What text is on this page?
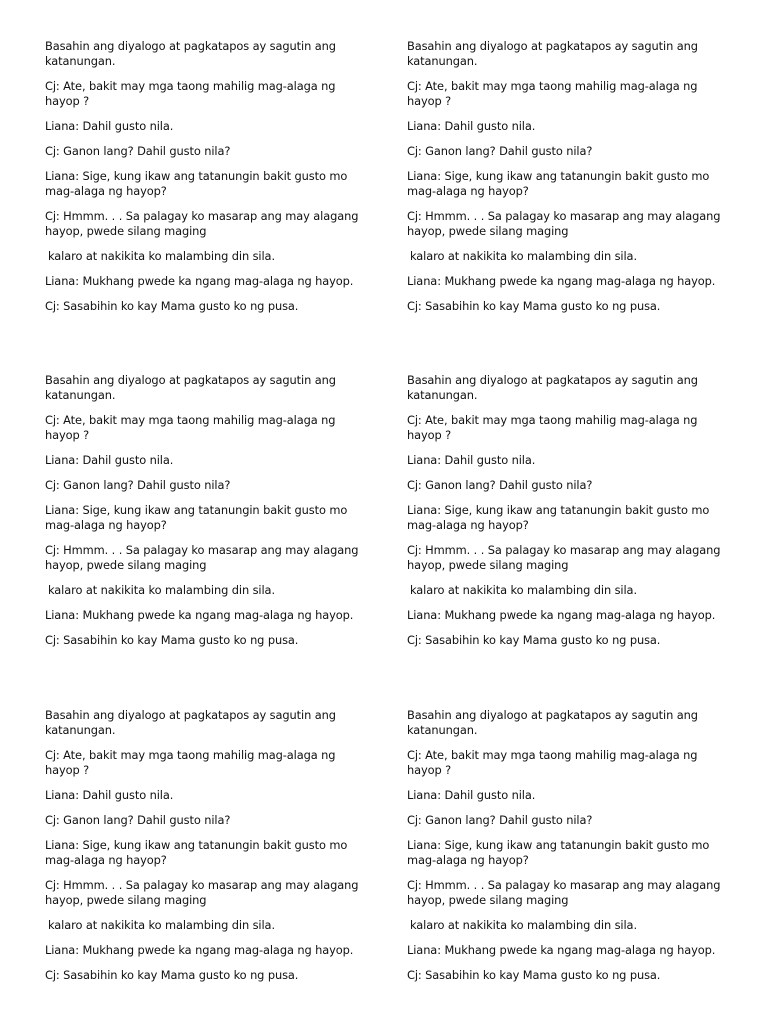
Basahin ang diyalogo at pagkatapos ay sagutin ang katanungan.

Cj: Ate, bakit may mga taong mahilig mag-alaga ng hayop ?

Liana: Dahil gusto nila.

Cj: Ganon lang? Dahil gusto nila?

Liana: Sige, kung ikaw ang tatanungin bakit gusto mo mag-alaga ng hayop?

Cj: Hmmm. . . Sa palagay ko masarap ang may alagang hayop, pwede silang maging

kalaro at nakikita ko malambing din sila.

Liana: Mukhang pwede ka ngang mag-alaga ng hayop.

Cj: Sasabihin ko kay Mama gusto ko ng pusa.

Basahin ang diyalogo at pagkatapos ay sagutin ang katanungan.

Cj: Ate, bakit may mga taong mahilig mag-alaga ng hayop ?

Liana: Dahil gusto nila.

Cj: Ganon lang? Dahil gusto nila?

Liana: Sige, kung ikaw ang tatanungin bakit gusto mo mag-alaga ng hayop?

Cj: Hmmm. . . Sa palagay ko masarap ang may alagang hayop, pwede silang maging

kalaro at nakikita ko malambing din sila.

Liana: Mukhang pwede ka ngang mag-alaga ng hayop.

Cj: Sasabihin ko kay Mama gusto ko ng pusa.

Basahin ang diyalogo at pagkatapos ay sagutin ang katanungan.

Cj: Ate, bakit may mga taong mahilig mag-alaga ng hayop ?

Liana: Dahil gusto nila.

Cj: Ganon lang? Dahil gusto nila?

Liana: Sige, kung ikaw ang tatanungin bakit gusto mo mag-alaga ng hayop?

Cj: Hmmm. . . Sa palagay ko masarap ang may alagang hayop, pwede silang maging

kalaro at nakikita ko malambing din sila.

Liana: Mukhang pwede ka ngang mag-alaga ng hayop.

Cj: Sasabihin ko kay Mama gusto ko ng pusa.

Basahin ang diyalogo at pagkatapos ay sagutin ang katanungan.

Cj: Ate, bakit may mga taong mahilig mag-alaga ng hayop ?

Liana: Dahil gusto nila.

Cj: Ganon lang? Dahil gusto nila?

Liana: Sige, kung ikaw ang tatanungin bakit gusto mo mag-alaga ng hayop?

Cj: Hmmm. . . Sa palagay ko masarap ang may alagang hayop, pwede silang maging

kalaro at nakikita ko malambing din sila.

Liana: Mukhang pwede ka ngang mag-alaga ng hayop.

Cj: Sasabihin ko kay Mama gusto ko ng pusa.

Basahin ang diyalogo at pagkatapos ay sagutin ang katanungan.

Cj: Ate, bakit may mga taong mahilig mag-alaga ng hayop ?

Liana: Dahil gusto nila.

Cj: Ganon lang? Dahil gusto nila?

Liana: Sige, kung ikaw ang tatanungin bakit gusto mo mag-alaga ng hayop?

Cj: Hmmm. . . Sa palagay ko masarap ang may alagang hayop, pwede silang maging

kalaro at nakikita ko malambing din sila.

Liana: Mukhang pwede ka ngang mag-alaga ng hayop.

Cj: Sasabihin ko kay Mama gusto ko ng pusa.

Basahin ang diyalogo at pagkatapos ay sagutin ang katanungan.

Cj: Ate, bakit may mga taong mahilig mag-alaga ng hayop ?

Liana: Dahil gusto nila.

Cj: Ganon lang? Dahil gusto nila?

Liana: Sige, kung ikaw ang tatanungin bakit gusto mo mag-alaga ng hayop?

Cj: Hmmm. . . Sa palagay ko masarap ang may alagang hayop, pwede silang maging

kalaro at nakikita ko malambing din sila.

Liana: Mukhang pwede ka ngang mag-alaga ng hayop.

Cj: Sasabihin ko kay Mama gusto ko ng pusa.
